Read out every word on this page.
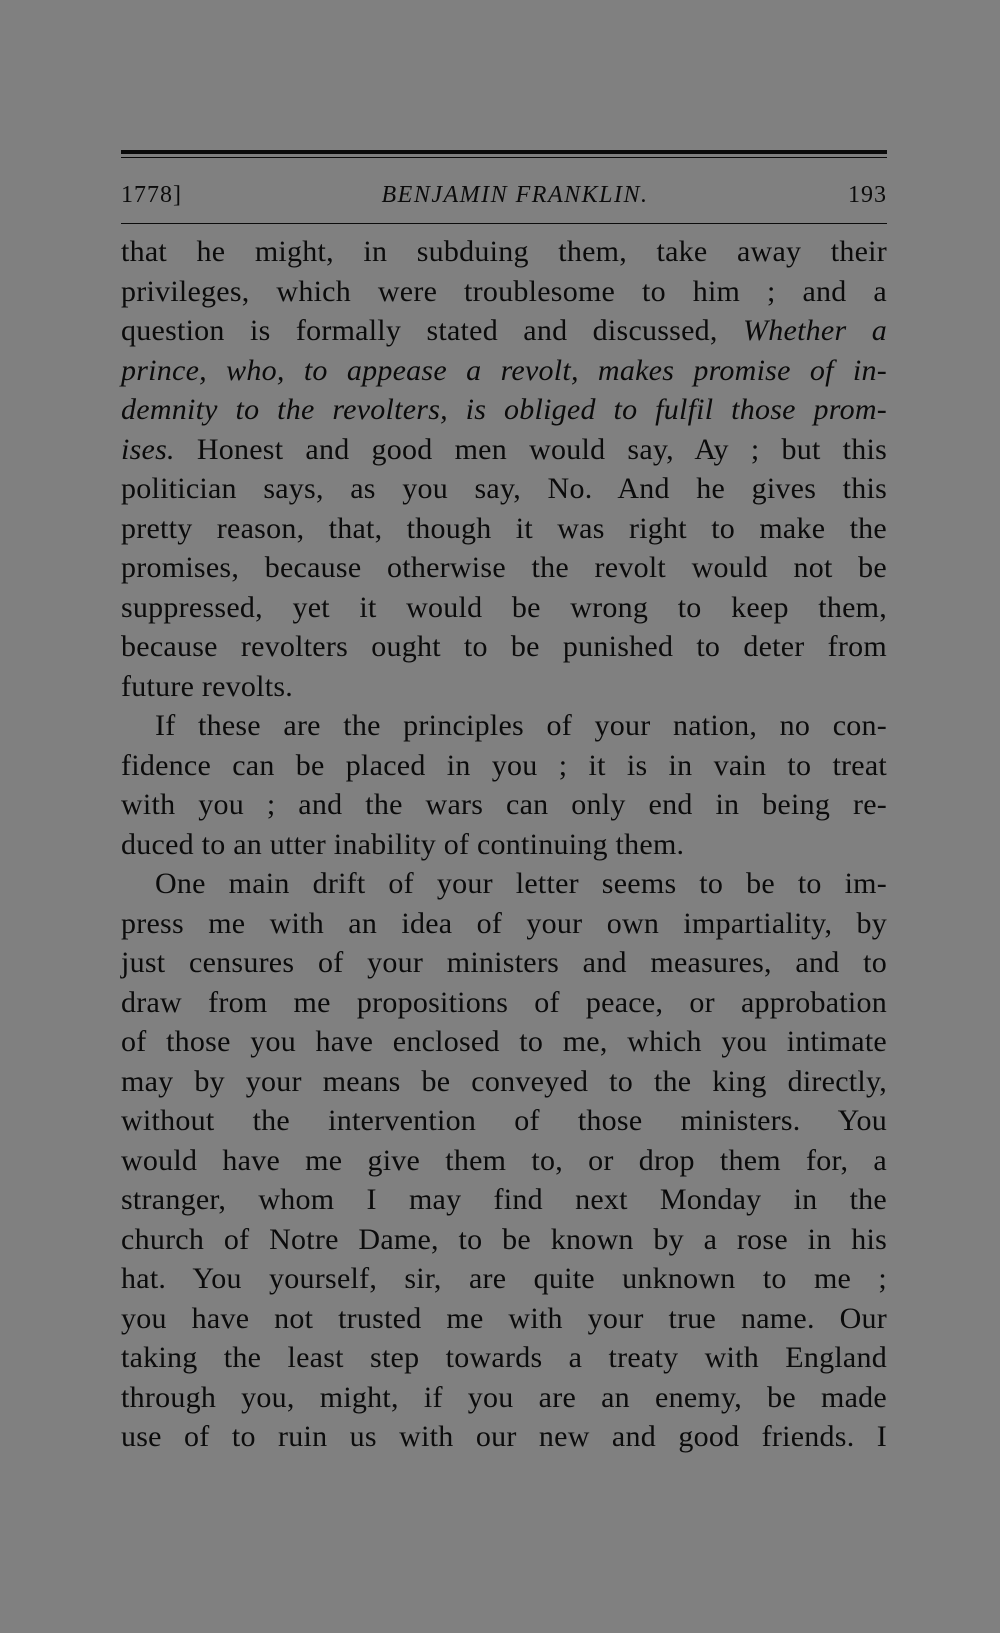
1778]	BENJAMIN FRANKLIN.	193
that he might, in subduing them, take away their
privileges, which were troublesome to him ; and a
question is formally stated and discussed, Whether a
prince, who, to appease a revolt, makes promise of in-
demnity to the revolters, is obliged to fulfil those prom-
ises. Honest and good men would say, Ay ; but this
politician says, as you say, No. And he gives this
pretty reason, that, though it was right to make the
promises, because otherwise the revolt would not be
suppressed, yet it would be wrong to keep them,
because revolters ought to be punished to deter from
future revolts.
If these are the principles of your nation, no con-
fidence can be placed in you ; it is in vain to treat
with you ; and the wars can only end in being re-
duced to an utter inability of continuing them.
One main drift of your letter seems to be to im-
press me with an idea of your own impartiality, by
just censures of your ministers and measures, and to
draw from me propositions of peace, or approbation
of those you have enclosed to me, which you intimate
may by your means be conveyed to the king directly,
without the intervention of those ministers. You
would have me give them to, or drop them for, a
stranger, whom I may find next Monday in the
church of Notre Dame, to be known by a rose in his
hat. You yourself, sir, are quite unknown to me ;
you have not trusted me with your true name. Our
taking the least step towards a treaty with England
through you, might, if you are an enemy, be made
use of to ruin us with our new and good friends. I
